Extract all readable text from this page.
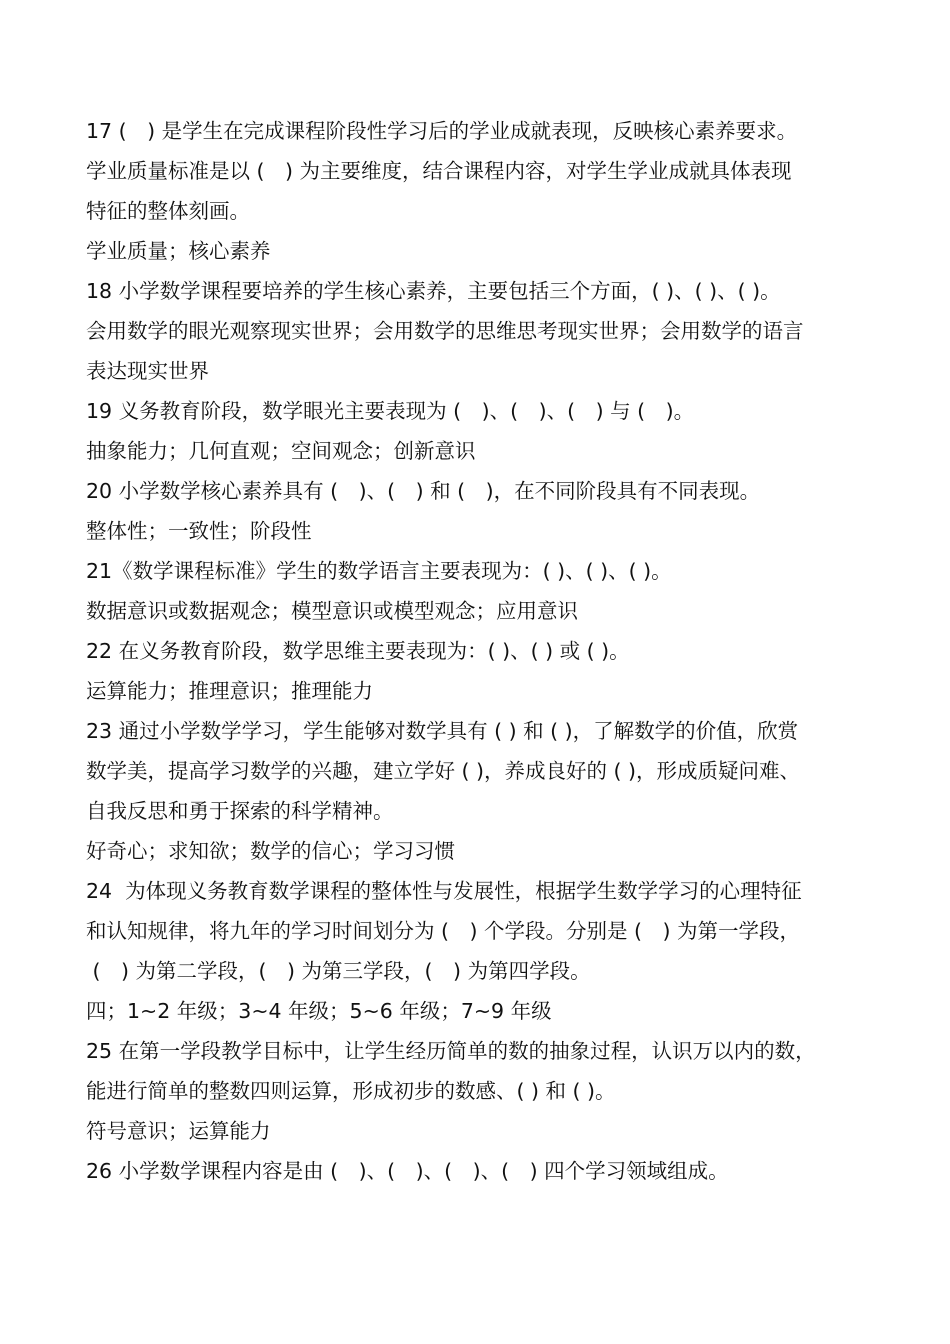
17 (　) 是学生在完成课程阶段性学习后的学业成就表现，反映核心素养要求。

学业质量标准是以 (　) 为主要维度，结合课程内容，对学生学业成就具体表现

特征的整体刻画。

学业质量；核心素养

18 小学数学课程要培养的学生核心素养，主要包括三个方面，( )、( )、( )。

会用数学的眼光观察现实世界；会用数学的思维思考现实世界；会用数学的语言

表达现实世界

19 义务教育阶段，数学眼光主要表现为 (　)、(　)、(　) 与 (　)。

抽象能力；几何直观；空间观念；创新意识

20 小学数学核心素养具有 (　)、(　) 和 (　)，在不同阶段具有不同表现。

整体性；一致性；阶段性

21《数学课程标准》学生的数学语言主要表现为：( )、( )、( )。

数据意识或数据观念；模型意识或模型观念；应用意识

22 在义务教育阶段，数学思维主要表现为：( )、( ) 或 ( )。

运算能力；推理意识；推理能力

23 通过小学数学学习，学生能够对数学具有 ( ) 和 ( )，了解数学的价值，欣赏

数学美，提高学习数学的兴趣，建立学好 ( )，养成良好的 ( )，形成质疑问难、

自我反思和勇于探索的科学精神。

好奇心；求知欲；数学的信心；学习习惯

24  为体现义务教育数学课程的整体性与发展性，根据学生数学学习的心理特征

和认知规律，将九年的学习时间划分为 (　) 个学段。分别是 (　) 为第一学段，

(　) 为第二学段，(　) 为第三学段，(　) 为第四学段。

四；1~2 年级；3~4 年级；5~6 年级；7~9 年级

25 在第一学段教学目标中，让学生经历简单的数的抽象过程，认识万以内的数，

能进行简单的整数四则运算，形成初步的数感、( ) 和 ( )。

符号意识；运算能力

26 小学数学课程内容是由 (　)、(　)、(　)、(　) 四个学习领域组成。
